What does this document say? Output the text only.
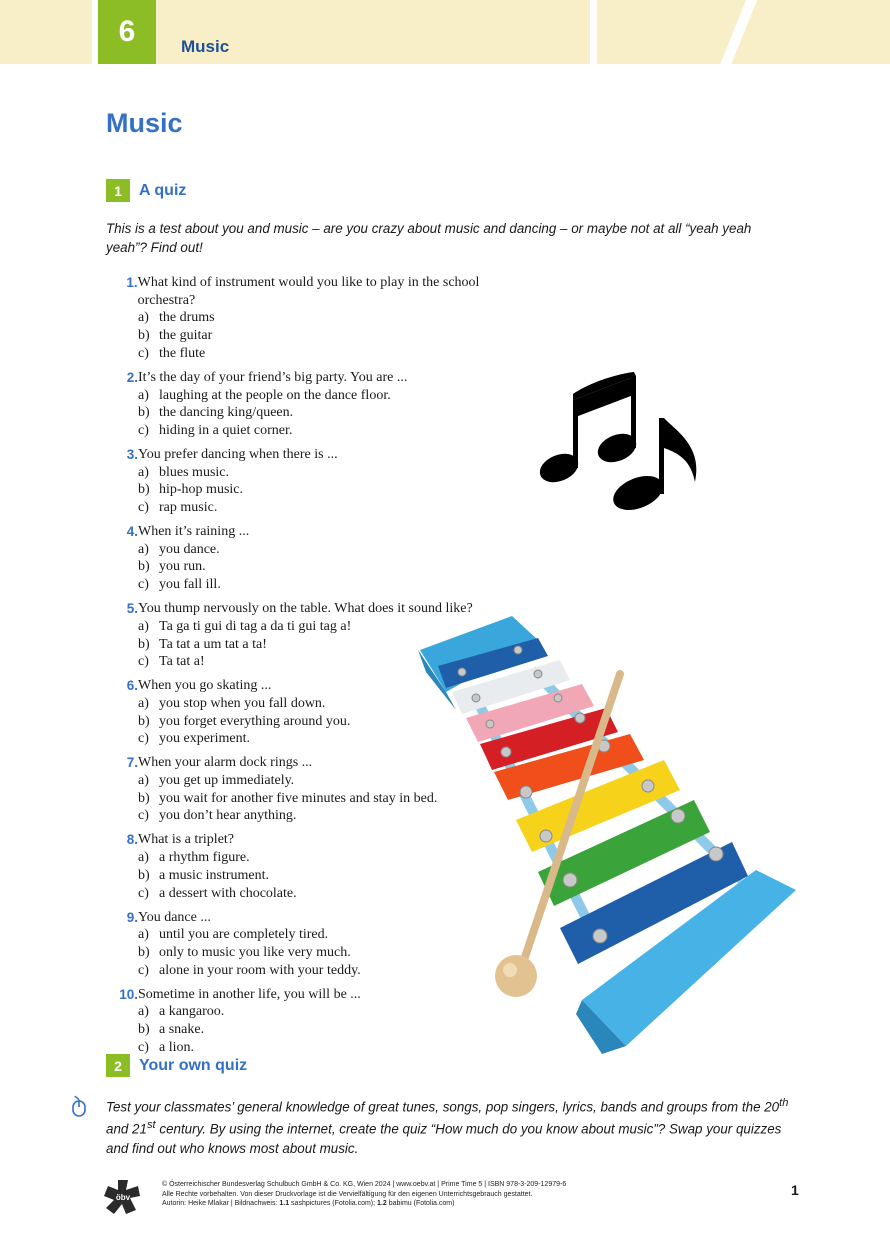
6	Music
Music
1	A quiz

This is a test about you and music – are you crazy about music and dancing – or maybe not at all “yeah yeah yeah”? Find out!

1. What kind of instrument would you like to play in the school orchestra?
a) the drums
b) the guitar
c) the flute
2. It’s the day of your friend’s big party. You are ...
a) laughing at the people on the dance floor.
b) the dancing king/queen.
c) hiding in a quiet corner.
3. You prefer dancing when there is ...
a) blues music.
b) hip-hop music.
c) rap music.
4. When it’s raining ...
a) you dance.
b) you run.
c) you fall ill.
5. You thump nervously on the table. What does it sound like?
a) Ta ga ti gui di tag a da ti gui tag a!
b) Ta tat a um tat a ta!
c) Ta tat a!
6. When you go skating ...
a) you stop when you fall down.
b) you forget everything around you.
c) you experiment.
7. When your alarm dock rings ...
a) you get up immediately.
b) you wait for another five minutes and stay in bed.
c) you don’t hear anything.
8. What is a triplet?
a) a rhythm figure.
b) a music instrument.
c) a dessert with chocolate.
9. You dance ...
a) until you are completely tired.
b) only to music you like very much.
c) alone in your room with your teddy.
10. Sometime in another life, you will be ...
a) a kangaroo.
b) a snake.
c) a lion.
2	Your own quiz

Test your classmates’ general knowledge of great tunes, songs, pop singers, lyrics, bands and groups from the 20th and 21st century. By using the internet, create the quiz “How much do you know about music”? Swap your quizzes and find out who knows most about music.

öbv
© Österreichischer Bundesverlag Schulbuch GmbH & Co. KG, Wien 2024 | www.oebv.at | Prime Time 5 | ISBN 978-3-209-12979-6
Alle Rechte vorbehalten. Von dieser Druckvorlage ist die Vervielfältigung für den eigenen Unterrichtsgebrauch gestattet.
Autorin: Heike Mlakar | Bildnachweis: 1.1 sashpictures (Fotolia.com); 1.2 babimu (Fotolia.com)
1
